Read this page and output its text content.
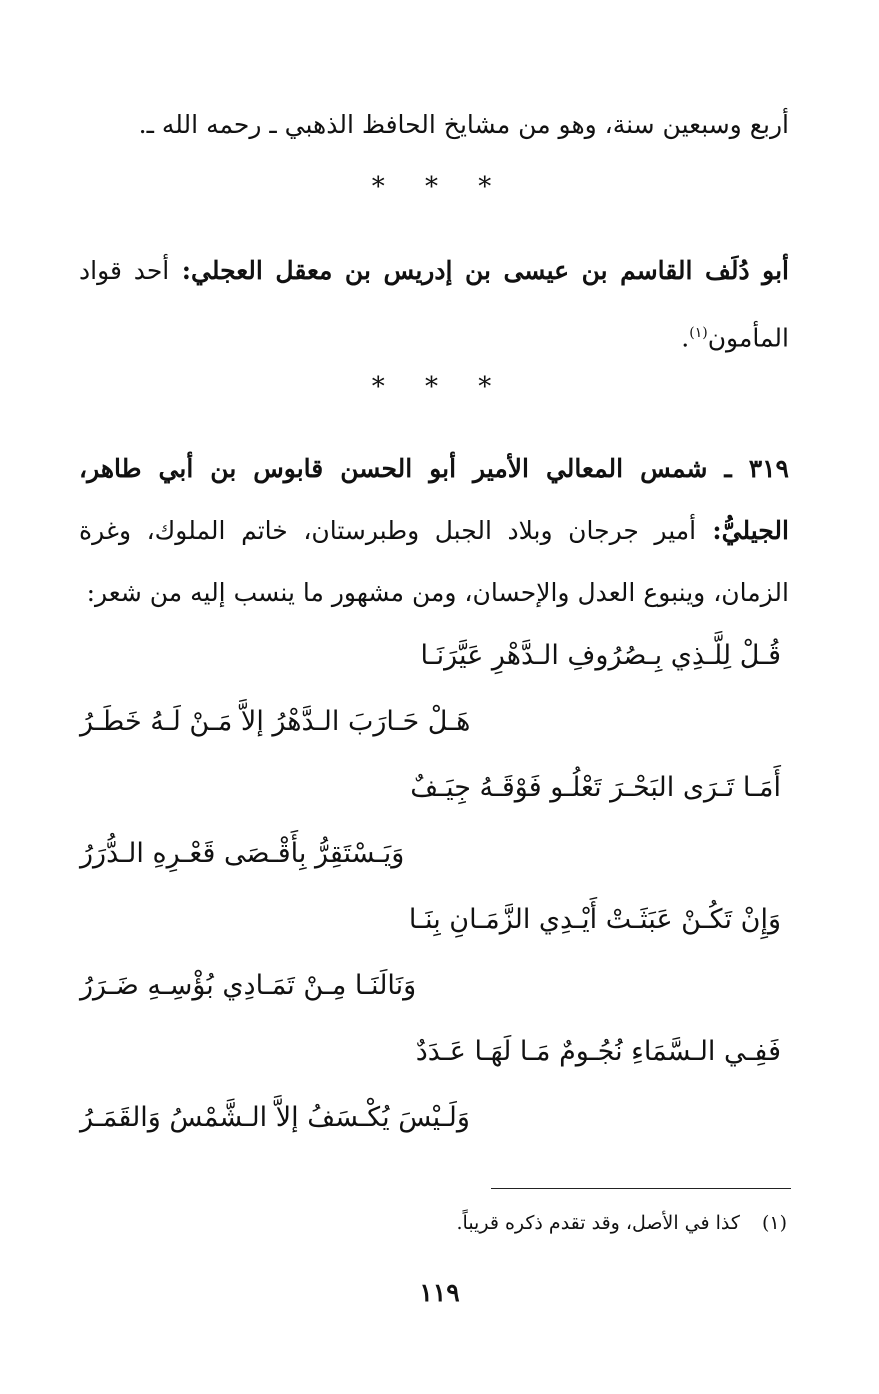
أربع وسبعين سنة، وهو من مشايخ الحافظ الذهبي ـ رحمه الله ـ.

* * *

أبو دُلَف القاسم بن عيسى بن إدريس بن معقل العجلي: أحد قواد المأمون$^{(١)}$.

* * *

٣١٩ ـ شمس المعالي الأمير أبو الحسن قابوس بن أبي طاهر، الجيليُّ: أمير جرجان وبلاد الجبل وطبرستان، خاتم الملوك، وغرة الزمان، وينبوع العدل والإحسان، ومن مشهور ما ينسب إليه من شعر:

قُـلْ لِلَّـذِي بِـصُرُوفِ الـدَّهْرِ عَيَّرَنَـا

هَـلْ حَـارَبَ الـدَّهْرُ إلاَّ مَـنْ لَـهُ خَطَـرُ

أَمَـا تَـرَى البَحْـرَ تَعْلُـو فَوْقَـهُ جِيَـفٌ

وَيَـسْتَقِرُّ بِأَقْـصَى قَعْـرِهِ الـدُّرَرُ

وَإِنْ تَكُـنْ عَبَثَـتْ أَيْـدِي الزَّمَـانِ بِنَـا

وَنَالَنَـا مِـنْ تَمَـادِي بُؤْسِـهِ ضَـرَرُ

فَفِـي الـسَّمَاءِ نُجُـومٌ مَـا لَهَـا عَـدَدٌ

وَلَـيْسَ يُكْـسَفُ إلاَّ الـشَّمْسُ وَالقَمَـرُ

(١)كذا في الأصل، وقد تقدم ذكره قريباً.

١١٩
